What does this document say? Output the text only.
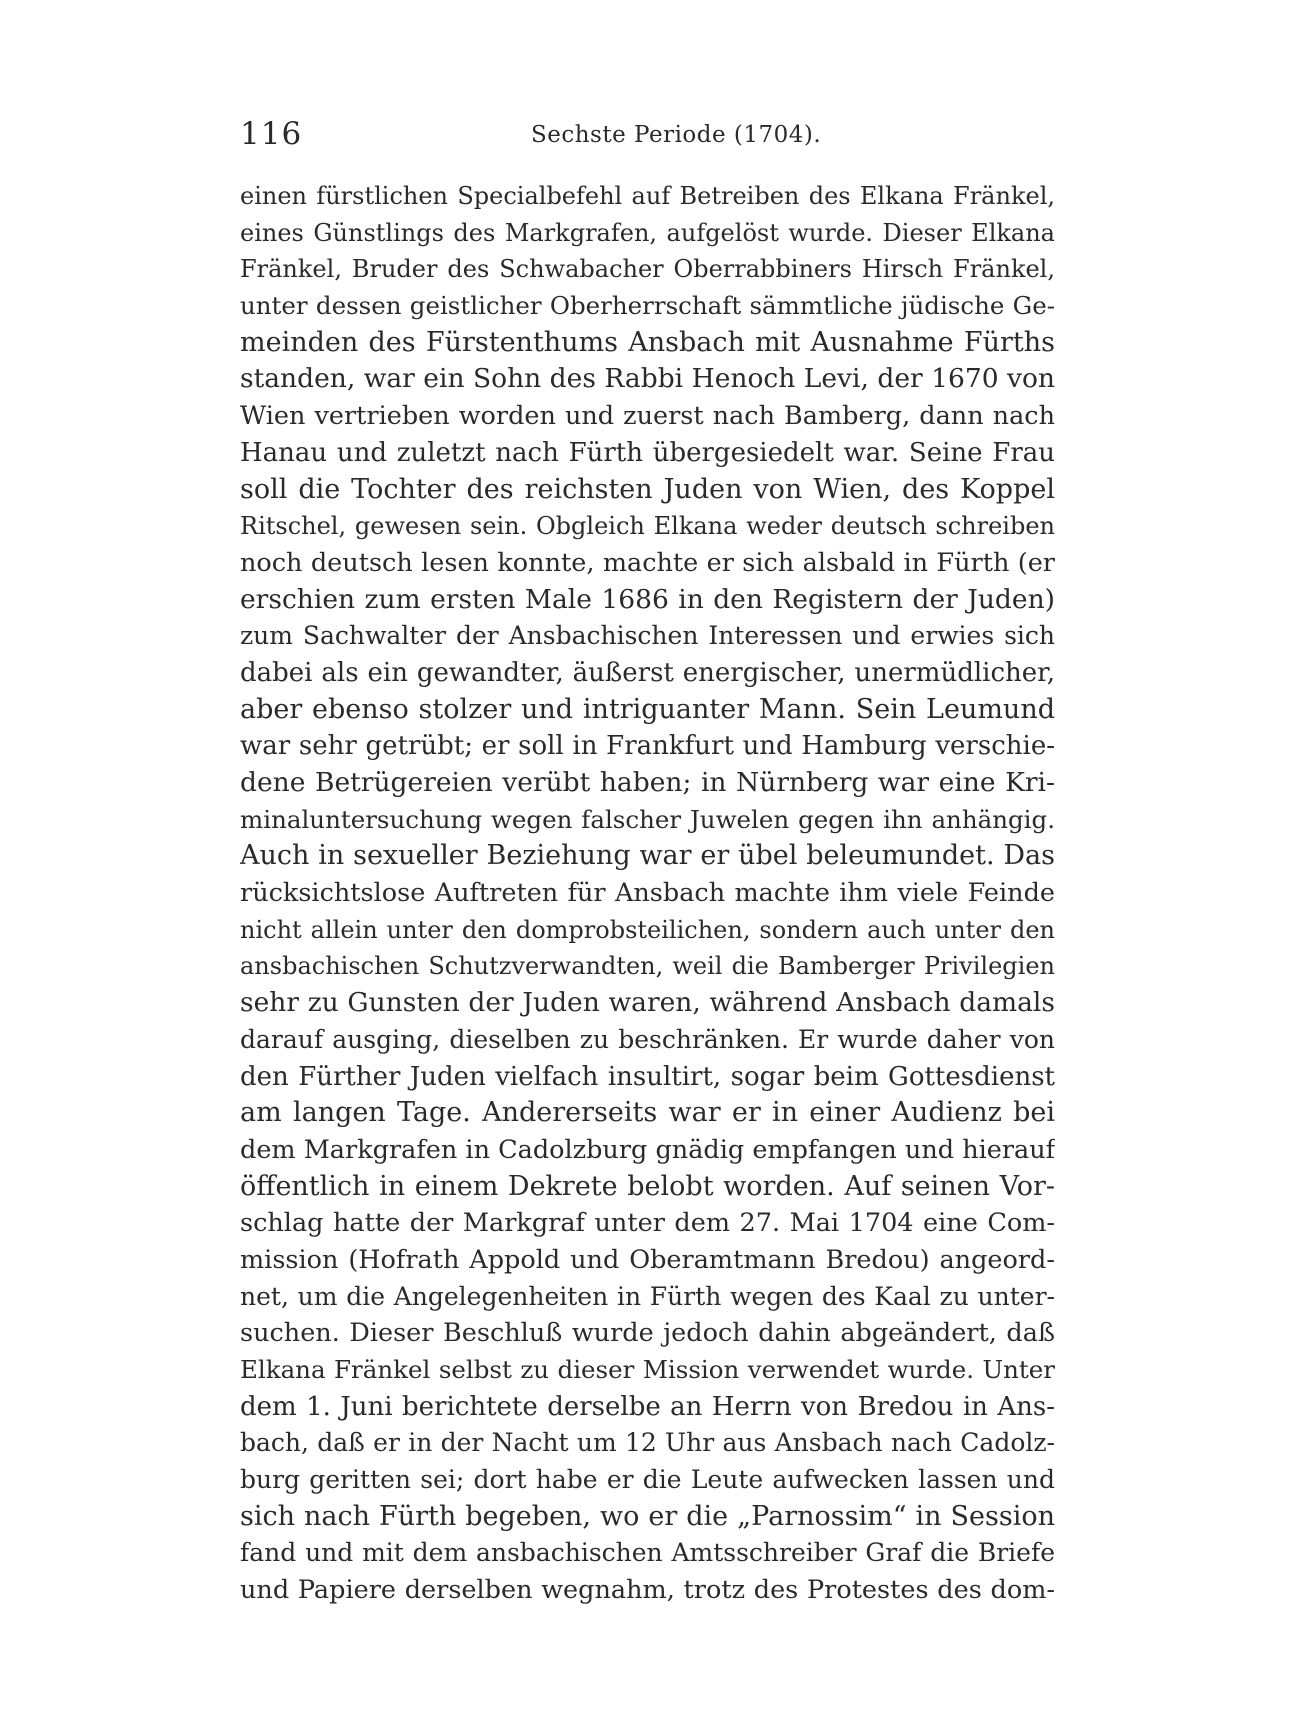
116	Sechste Periode (1704).
einen fürstlichen Specialbefehl auf Betreiben des Elkana Fränkel,
eines Günstlings des Markgrafen, aufgelöst wurde. Dieser Elkana
Fränkel, Bruder des Schwabacher Oberrabbiners Hirsch Fränkel,
unter dessen geistlicher Oberherrschaft sämmtliche jüdische Ge-
meinden des Fürstenthums Ansbach mit Ausnahme Fürths
standen, war ein Sohn des Rabbi Henoch Levi, der 1670 von
Wien vertrieben worden und zuerst nach Bamberg, dann nach
Hanau und zuletzt nach Fürth übergesiedelt war. Seine Frau
soll die Tochter des reichsten Juden von Wien, des Koppel
Ritschel, gewesen sein. Obgleich Elkana weder deutsch schreiben
noch deutsch lesen konnte, machte er sich alsbald in Fürth (er
erschien zum ersten Male 1686 in den Registern der Juden)
zum Sachwalter der Ansbachischen Interessen und erwies sich
dabei als ein gewandter, äußerst energischer, unermüdlicher,
aber ebenso stolzer und intriguanter Mann. Sein Leumund
war sehr getrübt; er soll in Frankfurt und Hamburg verschie-
dene Betrügereien verübt haben; in Nürnberg war eine Kri-
minaluntersuchung wegen falscher Juwelen gegen ihn anhängig.
Auch in sexueller Beziehung war er übel beleumundet. Das
rücksichtslose Auftreten für Ansbach machte ihm viele Feinde
nicht allein unter den domprobsteilichen, sondern auch unter den
ansbachischen Schutzverwandten, weil die Bamberger Privilegien
sehr zu Gunsten der Juden waren, während Ansbach damals
darauf ausging, dieselben zu beschränken. Er wurde daher von
den Fürther Juden vielfach insultirt, sogar beim Gottesdienst
am langen Tage. Andererseits war er in einer Audienz bei
dem Markgrafen in Cadolzburg gnädig empfangen und hierauf
öffentlich in einem Dekrete belobt worden. Auf seinen Vor-
schlag hatte der Markgraf unter dem 27. Mai 1704 eine Com-
mission (Hofrath Appold und Oberamtmann Bredou) angeord-
net, um die Angelegenheiten in Fürth wegen des Kaal zu unter-
suchen. Dieser Beschluß wurde jedoch dahin abgeändert, daß
Elkana Fränkel selbst zu dieser Mission verwendet wurde. Unter
dem 1. Juni berichtete derselbe an Herrn von Bredou in Ans-
bach, daß er in der Nacht um 12 Uhr aus Ansbach nach Cadolz-
burg geritten sei; dort habe er die Leute aufwecken lassen und
sich nach Fürth begeben, wo er die „Parnossim“ in Session
fand und mit dem ansbachischen Amtsschreiber Graf die Briefe
und Papiere derselben wegnahm, trotz des Protestes des dom-
